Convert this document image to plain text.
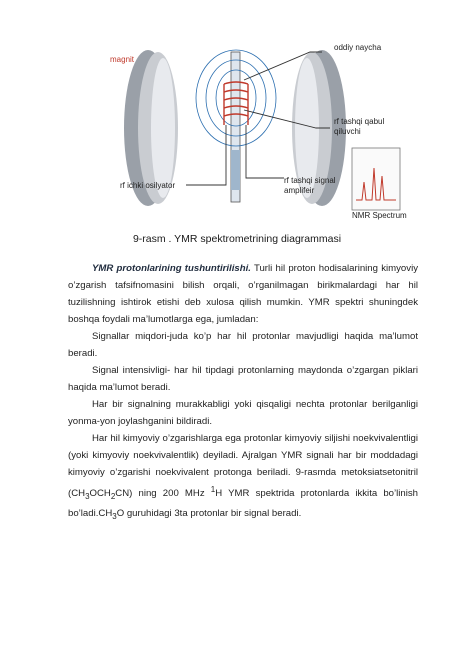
magnit
oddiy naycha
rf tashqi qabul
qiluvchi
rf ichki osilyator
rf tashqi signal
amplifeir
NMR Spectrum
9-rasm . YMR spektrometrining diagrammasi

YMR protonlarining tushuntirilishi. Turli hil proton hodisalarining kimyoviy o’zgarish tafsifnomasini bilish orqali, o’rganilmagan birikmalardagi har hil tuzilishning ishtirok etishi deb xulosa qilish mumkin. YMR spektri shuningdek boshqa foydali ma’lumotlarga ega, jumladan:

Signallar miqdori-juda ko’p har hil protonlar mavjudligi haqida ma’lumot beradi.

Signal intensivligi- har hil tipdagi protonlarning maydonda o’zgargan piklari haqida ma’lumot beradi.

Har bir signalning murakkabligi yoki qisqaligi nechta protonlar berilganligi yonma-yon joylashganini bildiradi.

Har hil kimyoviy o’zgarishlarga ega protonlar kimyoviy siljishi noekvivalentligi (yoki kimyoviy noekvivalentlik) deyiladi. Ajralgan YMR signali har bir moddadagi kimyoviy o’zgarishi noekvivalent protonga beriladi. 9-rasmda metoksiatsetonitril $(CH_3OCH_2CN)$ ning 200 MHz $^1$H YMR spektrida protonlarda ikkita bo’linish $bo’ladi.CH_3O$ guruhidagi 3ta protonlar bir signal beradi.
